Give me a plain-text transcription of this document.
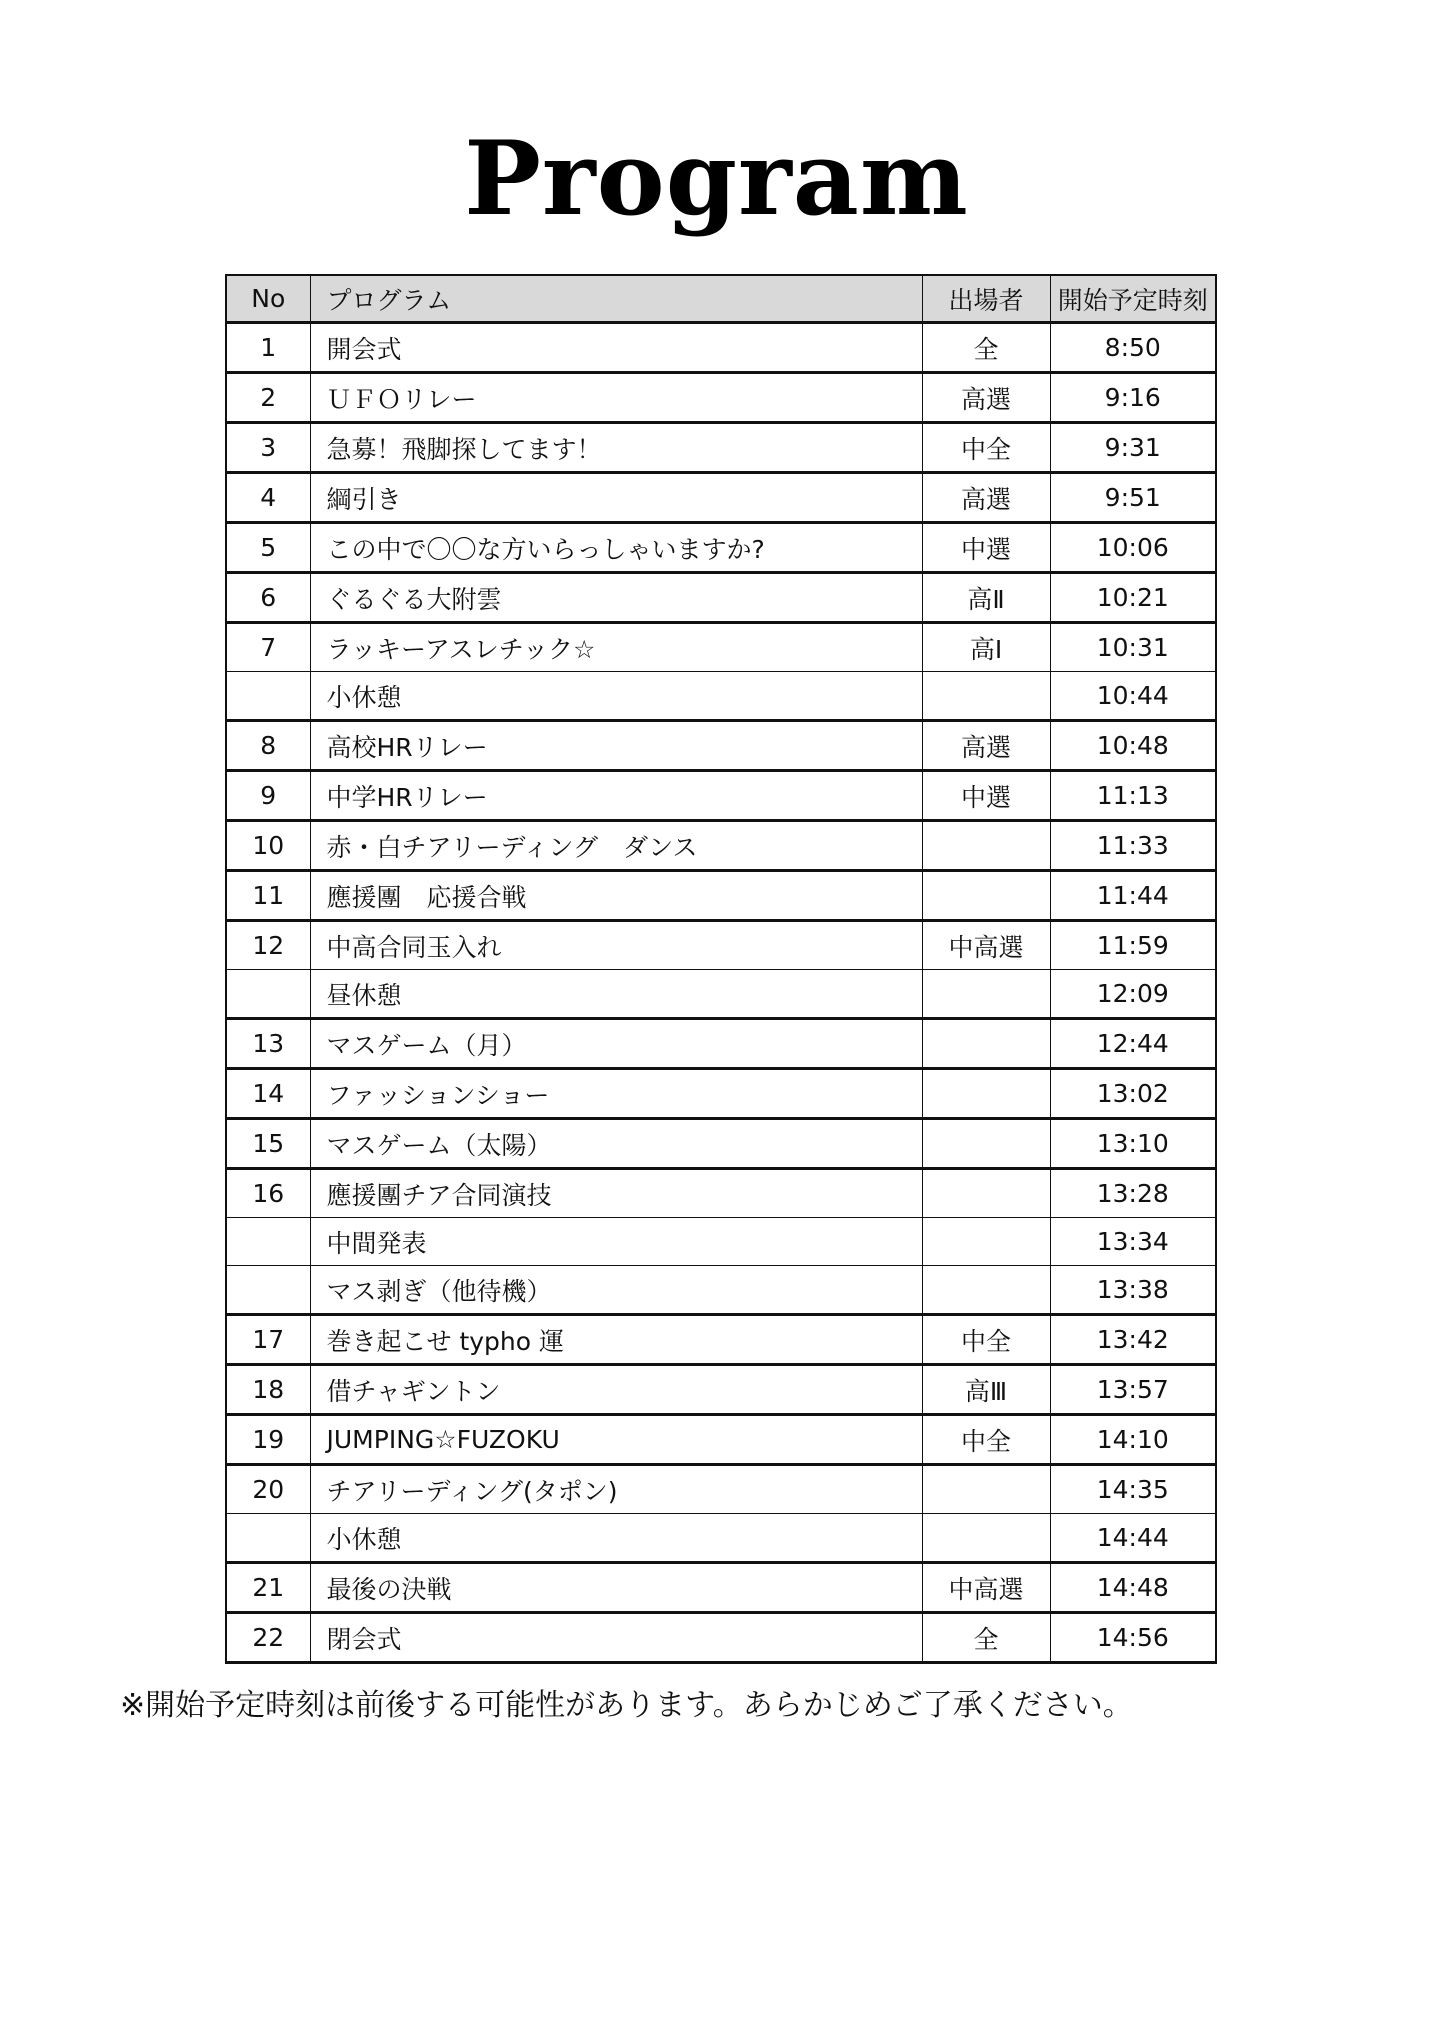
Program
No	プログラム	出場者	開始予定時刻
1	開会式	全	8:50
2	ＵＦＯリレー	高選	9:16
3	急募！飛脚探してます！	中全	9:31
4	綱引き	高選	9:51
5	この中で〇〇な方いらっしゃいますか?	中選	10:06
6	ぐるぐる大附雲	高Ⅱ	10:21
7	ラッキーアスレチック☆	高Ⅰ	10:31
	小休憩		10:44
8	高校HRリレー	高選	10:48
9	中学HRリレー	中選	11:13
10	赤・白チアリーディング　ダンス		11:33
11	應援團　応援合戦		11:44
12	中高合同玉入れ	中高選	11:59
	昼休憩		12:09
13	マスゲーム（月）		12:44
14	ファッションショー		13:02
15	マスゲーム（太陽）		13:10
16	應援團チア合同演技		13:28
	中間発表		13:34
	マス剥ぎ（他待機）		13:38
17	巻き起こせ typho 運	中全	13:42
18	借チャギントン	高Ⅲ	13:57
19	JUMPING☆FUZOKU	中全	14:10
20	チアリーディング(タポン)		14:35
	小休憩		14:44
21	最後の決戦	中高選	14:48
22	閉会式	全	14:56
※開始予定時刻は前後する可能性があります。あらかじめご了承ください。
